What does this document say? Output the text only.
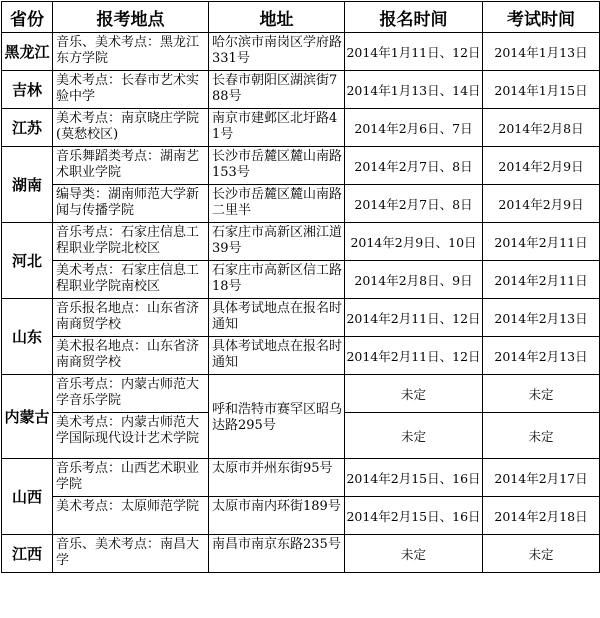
省份	报考地点	地址	报名时间	考试时间
黑龙江	音乐、美术考点：黑龙江东方学院	哈尔滨市南岗区学府路331号	2014年1月11日、12日	2014年1月13日
吉林	美术考点：长春市艺术实验中学	长春市朝阳区湖滨街788号	2014年1月13日、14日	2014年1月15日
江苏	美术考点：南京晓庄学院(莫愁校区)	南京市建邺区北圩路41号	2014年2月6日、7日	2014年2月8日
湖南	音乐舞蹈类考点：湖南艺术职业学院	长沙市岳麓区麓山南路153号	2014年2月7日、8日	2014年2月9日
	编导类：湖南师范大学新闻与传播学院	长沙市岳麓区麓山南路二里半	2014年2月7日、8日	2014年2月9日
河北	音乐考点：石家庄信息工程职业学院北校区	石家庄市高新区湘江道39号	2014年2月9日、10日	2014年2月11日
	美术考点：石家庄信息工程职业学院南校区	石家庄市高新区信工路18号	2014年2月8日、9日	2014年2月11日
山东	音乐报名地点：山东省济南商贸学校	具体考试地点在报名时通知	2014年2月11日、12日	2014年2月13日
	美术报名地点：山东省济南商贸学校	具体考试地点在报名时通知	2014年2月11日、12日	2014年2月13日
内蒙古	音乐考点：内蒙古师范大学音乐学院	呼和浩特市赛罕区昭乌达路295号	未定	未定
	美术考点：内蒙古师范大学国际现代设计艺术学院		未定	未定
山西	音乐考点：山西艺术职业学院	太原市并州东街95号	2014年2月15日、16日	2014年2月17日
	美术考点：太原师范学院	太原市南内环街189号	2014年2月15日、16日	2014年2月18日
江西	音乐、美术考点：南昌大学	南昌市南京东路235号	未定	未定
